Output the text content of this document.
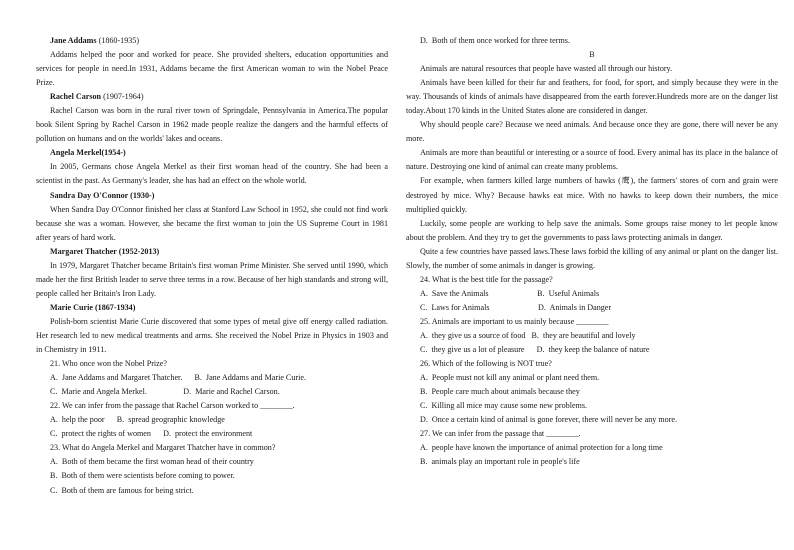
Jane Addams (1860-1935)

Addams helped the poor and worked for peace. She provided shelters, education opportunities and services for people in need.In 1931, Addams became the first American woman to win the Nobel Peace Prize.

Rachel Carson (1907-1964)

Rachel Carson was born in the rural river town of Springdale, Pennsylvania in America.The popular book Silent Spring by Rachel Carson in 1962 made people realize the dangers and the harmful effects of pollution on humans and on the worlds' lakes and oceans.

Angela Merkel(1954-)

In 2005, Germans chose Angela Merkel as their first woman head of the country. She had been a scientist in the past. As Germany's leader, she has had an effect on the whole world.

Sandra Day O'Connor (1930-)

When Sandra Day O'Connor finished her class at Stanford Law School in 1952, she could not find work because she was a woman. However, she became the first woman to join the US Supreme Court in 1981 after years of hard work.

Margaret Thatcher (1952-2013)

In 1979, Margaret Thatcher became Britain's first woman Prime Minister. She served until 1990, which made her the first British leader to serve three terms in a row. Because of her high standards and strong will, people called her Britain's Iron Lady.

Marie Curie (1867-1934)

Polish-born scientist Marie Curie discovered that some types of metal give off energy called radiation. Her research led to new medical treatments and arms. She received the Nobel Prize in Physics in 1903 and in Chemistry in 1911.

21. Who once won the Nobel Prize?

A.  Jane Addams and Margaret Thatcher.      B.  Jane Addams and Marie Curie.

C.  Marie and Angela Merkel.                  D.  Marie and Rachel Carson.

22. We can infer from the passage that Rachel Carson worked to ________.

A.  help the poor      B.  spread geographic knowledge

C.  protect the rights of women      D.  protect the environment

23. What do Angela Merkel and Margaret Thatcher have in common?

A.  Both of them became the first woman head of their country

B.  Both of them were scientists before coming to power.

C.  Both of them are famous for being strict.

D.  Both of them once worked for three terms.

B

Animals are natural resources that people have wasted all through our history.

Animals have been killed for their fur and feathers, for food, for sport, and simply because they were in the way. Thousands of kinds of animals have disappeared from the earth forever.Hundreds more are on the danger list today.About 170 kinds in the United States alone are considered in danger.

Why should people care? Because we need animals. And because once they are gone, there will never be any more.

Animals are more than beautiful or interesting or a source of food. Every animal has its place in the balance of nature. Destroying one kind of animal can create many problems.

For example, when farmers killed large numbers of hawks (鹰), the farmers' stores of corn and grain were destroyed by mice. Why? Because hawks eat mice. With no hawks to keep down their numbers, the mice multiplied quickly.

Luckily, some people are working to help save the animals. Some groups raise money to let people know about the problem. And they try to get the governments to pass laws protecting animals in danger.

Quite a few countries have passed laws.These laws forbid the killing of any animal or plant on the danger list. Slowly, the number of some animals in danger is growing.

24. What is the best title for the passage?

A.  Save the Animals                        B.  Useful Animals

C.  Laws for Animals                        D.  Animals in Danger

25. Animals are important to us mainly because ________

A.  they give us a source of food   B.  they are beautiful and lovely

C.  they give us a lot of pleasure      D.  they keep the balance of nature

26. Which of the following is NOT true?

A.  People must not kill any animal or plant need them.

B.  People care much about animals because they

C.  Killing all mice may cause some new problems.

D.  Once a certain kind of animal is gone forever, there will never be any more.

27. We can infer from the passage that ________.

A.  people have known the importance of animal protection for a long time

B.  animals play an important role in people's life
